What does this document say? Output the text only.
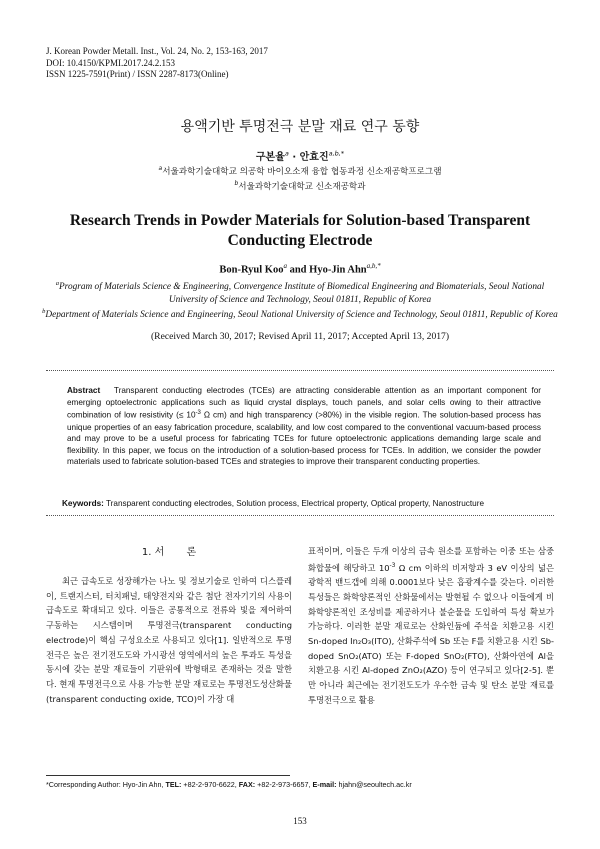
J. Korean Powder Metall. Inst., Vol. 24, No. 2, 153-163, 2017
DOI: 10.4150/KPMI.2017.24.2.153
ISSN 1225-7591(Print) / ISSN 2287-8173(Online)
용액기반 투명전극 분말 재료 연구 동향
구본율$^a$ · 안효진$^{a,b,*}$
$^a$서울과학기술대학교 의공학 바이오소재 융합 협동과정 신소재공학프로그램
$^b$서울과학기술대학교 신소재공학과
Research Trends in Powder Materials for Solution-based Transparent Conducting Electrode
Bon-Ryul Koo$^a$ and Hyo-Jin Ahn$^{a,b,*}$
$^a$Program of Materials Science & Engineering, Convergence Institute of Biomedical Engineering and Biomaterials, Seoul National University of Science and Technology, Seoul 01811, Republic of Korea
$^b$Department of Materials Science and Engineering, Seoul National University of Science and Technology, Seoul 01811, Republic of Korea
(Received March 30, 2017; Revised April 11, 2017; Accepted April 13, 2017)
Abstract Transparent conducting electrodes (TCEs) are attracting considerable attention as an important component for emerging optoelectronic applications such as liquid crystal displays, touch panels, and solar cells owing to their attractive combination of low resistivity (≤ $10^{-3}$ Ω cm) and high transparency (>80%) in the visible region. The solution-based process has unique properties of an easy fabrication procedure, scalability, and low cost compared to the conventional vacuum-based process and may prove to be a useful process for fabricating TCEs for future optoelectronic applications demanding large scale and flexibility. In this paper, we focus on the introduction of a solution-based process for TCEs. In addition, we consider the powder materials used to fabricate solution-based TCEs and strategies to improve their transparent conducting properties.
Keywords: Transparent conducting electrodes, Solution process, Electrical property, Optical property, Nanostructure
1. 서       론

최근 급속도로 성장해가는 나노 및 정보기술로 인하여 디스플레이, 트랜지스터, 터치패널, 태양전지와 같은 첨단 전자기기의 사용이 급속도로 확대되고 있다. 이들은 공통적으로 전류와 빛을 제어하여 구동하는 시스템이며 투명전극(transparent conducting electrode)이 핵심 구성요소로 사용되고 있다[1]. 일반적으로 투명전극은 높은 전기전도도와 가시광선 영역에서의 높은 투과도 특성을 동시에 갖는 분말 재료들이 기판위에 박형태로 존재하는 것을 말한다. 현재 투명전극으로 사용 가능한 분말 재료로는 투명전도성산화물(transparent conducting oxide, TCO)이 가장 대

표적이며, 이들은 두개 이상의 금속 원소를 포함하는 이중 또는 삼중 화합물에 해당하고 $10^{-3}$ Ω cm 이하의 비저항과 3 eV 이상의 넓은 광학적 밴드갭에 의해 0.0001보다 낮은 흡광계수를 갖는다. 이러한 특성들은 화학양론적인 산화물에서는 발현될 수 없으나 이들에게 비화학양론적인 조성비를 제공하거나 불순물을 도입하여 특성 확보가 가능하다. 이러한 분말 재료로는 산화인듐에 주석을 치환고용 시킨 Sn-doped In₂O₃(ITO), 산화주석에 Sb 또는 F를 치환고용 시킨 Sb-doped SnO₂(ATO) 또는 F-doped SnO₂(FTO), 산화아연에 Al을 치환고용 시킨 Al-doped ZnO₂(AZO) 등이 연구되고 있다[2-5]. 뿐만 아니라 최근에는 전기전도도가 우수한 금속 및 탄소 분말 재료를 투명전극으로 활용
*Corresponding Author: Hyo-Jin Ahn, TEL: +82-2-970-6622, FAX: +82-2-973-6657, E-mail: hjahn@seoultech.ac.kr
153
